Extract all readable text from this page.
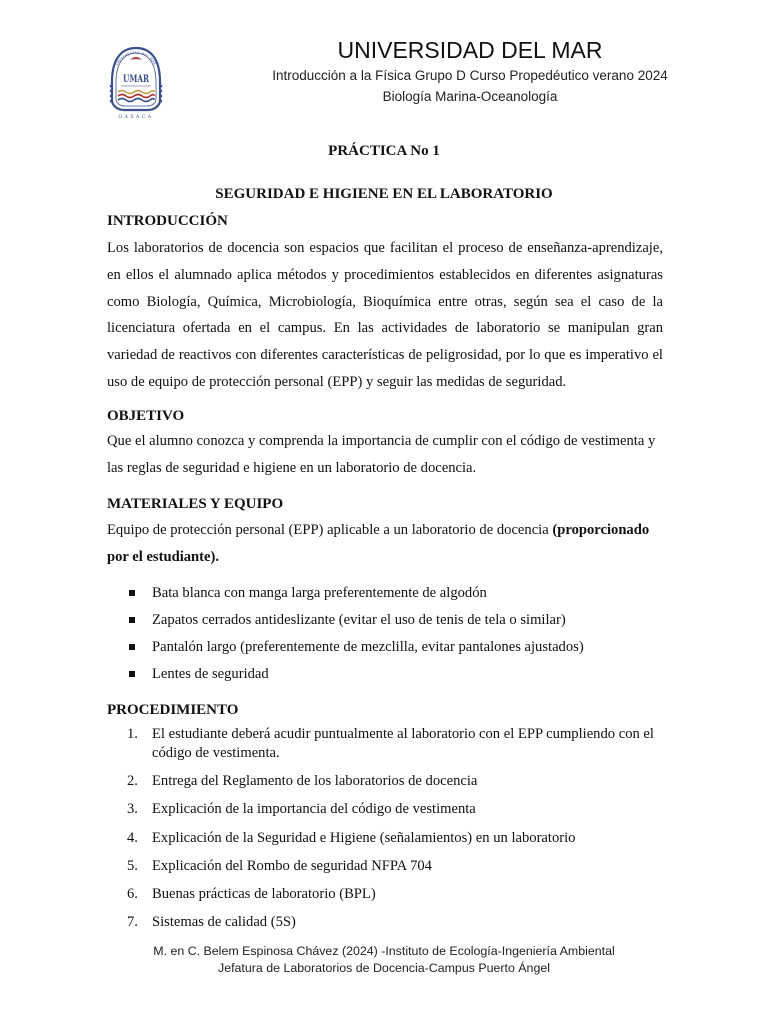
UNIVERSIDAD DEL MAR
UMAR
OAXACA
UNIVERSIDAD DEL MAR
Introducción a la Física Grupo D Curso Propedéutico verano 2024
Biología Marina-Oceanología
PRÁCTICA No 1
SEGURIDAD E HIGIENE EN EL LABORATORIO
INTRODUCCIÓN
Los laboratorios de docencia son espacios que facilitan el proceso de enseñanza-aprendizaje, en ellos el alumnado aplica métodos y procedimientos establecidos en diferentes asignaturas como Biología, Química, Microbiología, Bioquímica entre otras, según sea el caso de la licenciatura ofertada en el campus. En las actividades de laboratorio se manipulan gran variedad de reactivos con diferentes características de peligrosidad, por lo que es imperativo el uso de equipo de protección personal (EPP) y seguir las medidas de seguridad.
OBJETIVO
Que el alumno conozca y comprenda la importancia de cumplir con el código de vestimenta y las reglas de seguridad e higiene en un laboratorio de docencia.
MATERIALES Y EQUIPO
Equipo de protección personal (EPP) aplicable a un laboratorio de docencia (proporcionado por el estudiante).
Bata blanca con manga larga preferentemente de algodón
Zapatos cerrados antideslizante (evitar el uso de tenis de tela o similar)
Pantalón largo (preferentemente de mezclilla, evitar pantalones ajustados)
Lentes de seguridad
PROCEDIMIENTO
1. El estudiante deberá acudir puntualmente al laboratorio con el EPP cumpliendo con el código de vestimenta.
2. Entrega del Reglamento de los laboratorios de docencia
3. Explicación de la importancia del código de vestimenta
4. Explicación de la Seguridad e Higiene (señalamientos) en un laboratorio
5. Explicación del Rombo de seguridad NFPA 704
6. Buenas prácticas de laboratorio (BPL)
7. Sistemas de calidad (5S)
M. en C. Belem Espinosa Chávez (2024) -Instituto de Ecología-Ingeniería Ambiental
Jefatura de Laboratorios de Docencia-Campus Puerto Ángel
